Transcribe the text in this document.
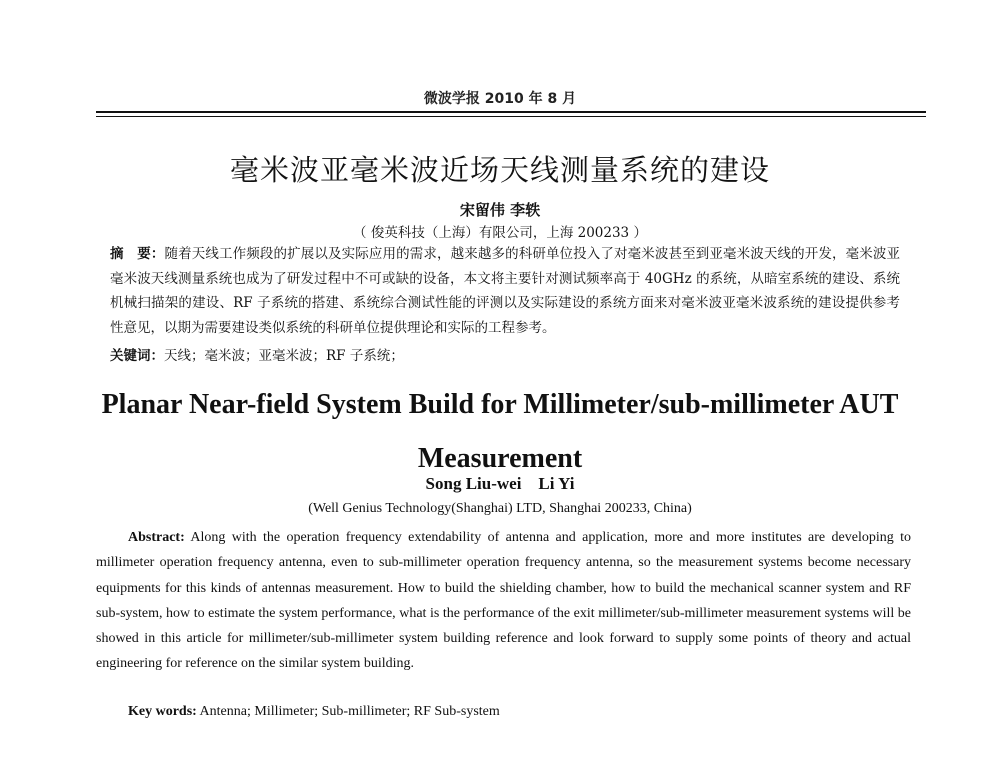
微波学报 2010 年 8 月
毫米波亚毫米波近场天线测量系统的建设
宋留伟 李轶
（ 俊英科技（上海）有限公司，上海 200233 ）
摘　要：随着天线工作频段的扩展以及实际应用的需求，越来越多的科研单位投入了对毫米波甚至到亚毫米波天线的开发，毫米波亚毫米波天线测量系统也成为了研发过程中不可或缺的设备，本文将主要针对测试频率高于 40GHz 的系统，从暗室系统的建设、系统机械扫描架的建设、RF 子系统的搭建、系统综合测试性能的评测以及实际建设的系统方面来对毫米波亚毫米波系统的建设提供参考性意见，以期为需要建设类似系统的科研单位提供理论和实际的工程参考。
关键词：天线；毫米波；亚毫米波；RF 子系统；
Planar Near-field System Build for Millimeter/sub-millimeter AUT
Measurement
Song Liu-wei    Li Yi
(Well Genius Technology(Shanghai) LTD, Shanghai 200233, China)
Abstract: Along with the operation frequency extendability of antenna and application, more and more institutes are developing to millimeter operation frequency antenna, even to sub-millimeter operation frequency antenna, so the measurement systems become necessary equipments for this kinds of antennas measurement. How to build the shielding chamber, how to build the mechanical scanner system and RF sub-system, how to estimate the system performance, what is the performance of the exit millimeter/sub-millimeter measurement systems will be showed in this article for millimeter/sub-millimeter system building reference and look forward to supply some points of theory and actual engineering for reference on the similar system building.
Key words: Antenna; Millimeter; Sub-millimeter; RF Sub-system
